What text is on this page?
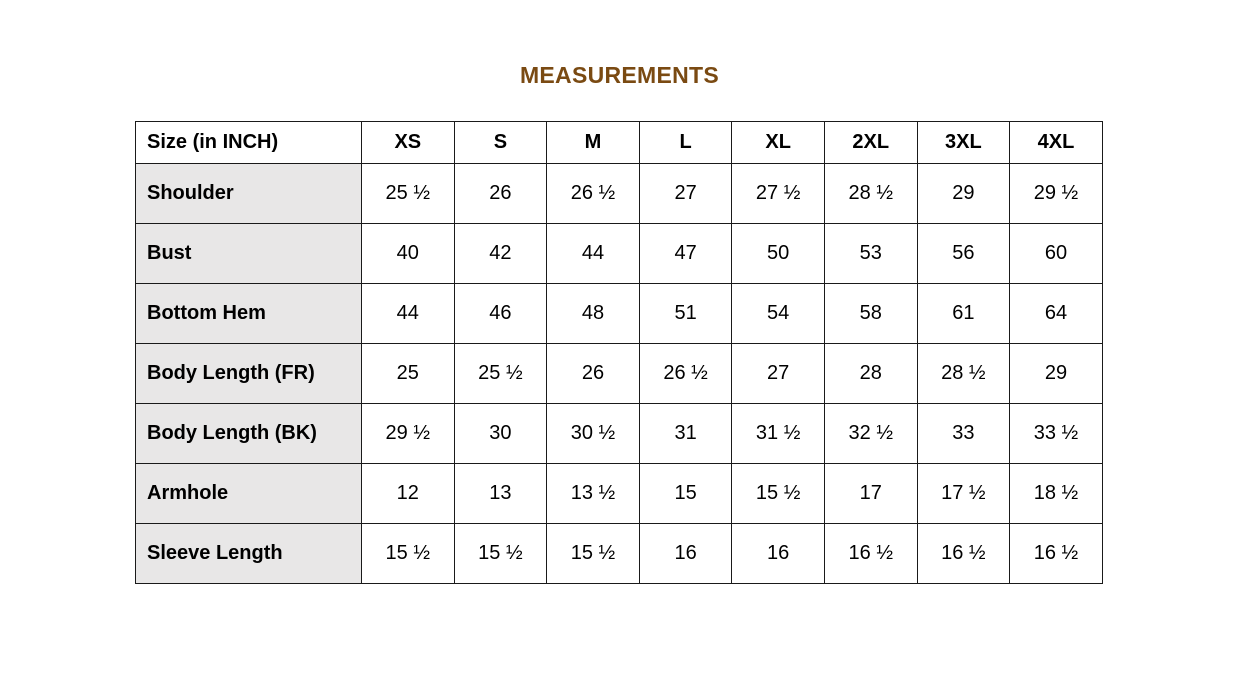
MEASUREMENTS
Size (in INCH)	XS	S	M	L	XL	2XL	3XL	4XL
Shoulder	25 ½	26	26 ½	27	27 ½	28 ½	29	29 ½
Bust	40	42	44	47	50	53	56	60
Bottom Hem	44	46	48	51	54	58	61	64
Body Length (FR)	25	25 ½	26	26 ½	27	28	28 ½	29
Body Length (BK)	29 ½	30	30 ½	31	31 ½	32 ½	33	33 ½
Armhole	12	13	13 ½	15	15 ½	17	17 ½	18 ½
Sleeve Length	15 ½	15 ½	15 ½	16	16	16 ½	16 ½	16 ½
